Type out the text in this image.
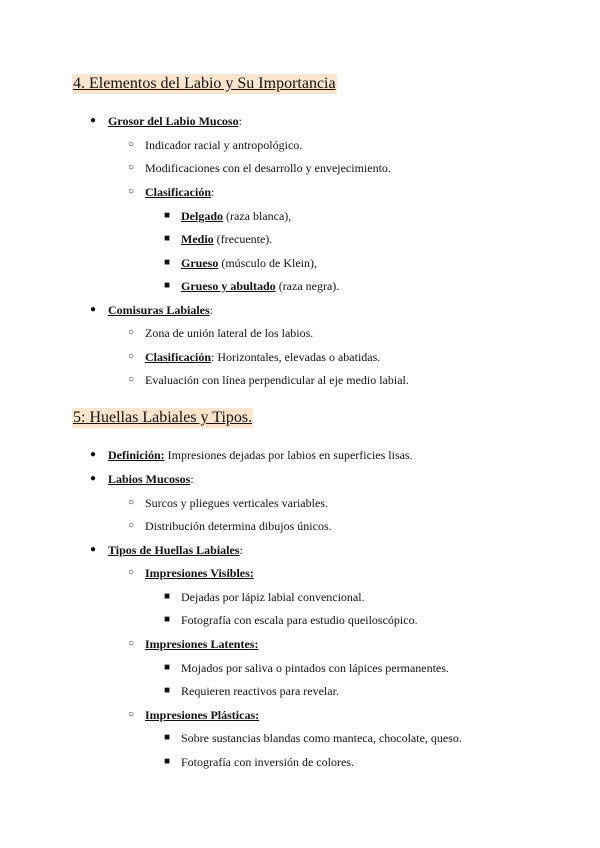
4. Elementos del Labio y Su Importancia
● Grosor del Labio Mucoso:
○ Indicador racial y antropológico.
○ Modificaciones con el desarrollo y envejecimiento.
○ Clasificación:
■ Delgado (raza blanca),
■ Medio (frecuente).
■ Grueso (músculo de Klein),
■ Grueso y abultado (raza negra).
● Comisuras Labiales:
○ Zona de unión lateral de los labios.
○ Clasificación: Horizontales, elevadas o abatidas.
○ Evaluación con línea perpendicular al eje medio labial.
5: Huellas Labiales y Tipos.
● Definición: Impresiones dejadas por labios en superficies lisas.
● Labios Mucosos:
○ Surcos y pliegues verticales variables.
○ Distribución determina dibujos únicos.
● Tipos de Huellas Labiales:
○ Impresiones Visibles:
■ Dejadas por lápiz labial convencional.
■ Fotografía con escala para estudio queiloscópico.
○ Impresiones Latentes:
■ Mojados por saliva o pintados con lápices permanentes.
■ Requieren reactivos para revelar.
○ Impresiones Plásticas:
■ Sobre sustancias blandas como manteca, chocolate, queso.
■ Fotografía con inversión de colores.
